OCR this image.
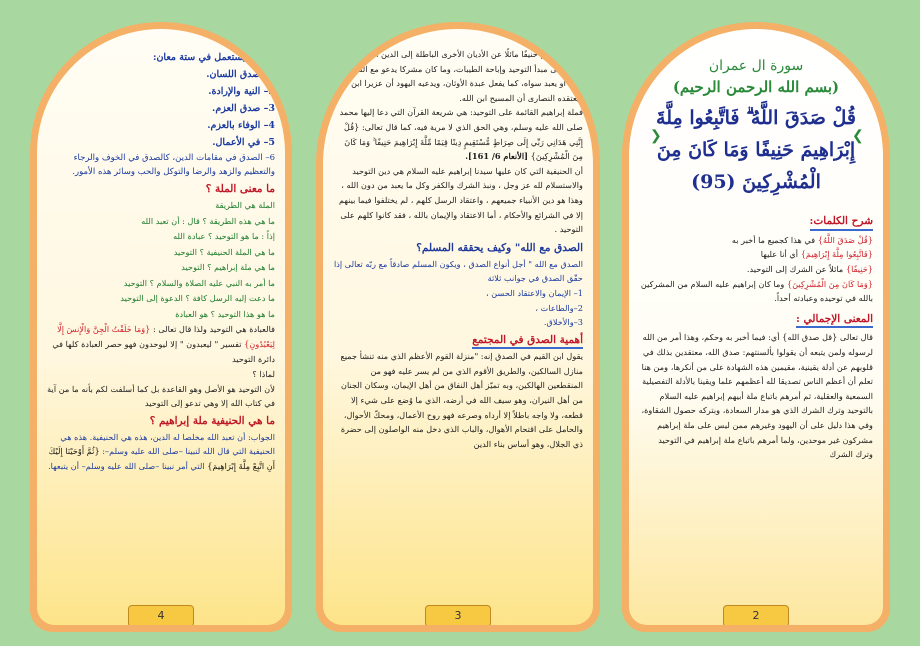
الصدق يستعمل في ستة معان:

1– صدق اللسان.

2– النية والإرادة.

3– صدق العزم.

4– الوفاء بالعزم.

5– في الأعمال.

6– الصدق في مقامات الدين، كالصدق في الخوف والرجاء والتعظيم والزهد والرضا والتوكل والحب وسائر هذه الأمور.

ما معنى الملة ؟

الملة هي الطريقة

ما هي هذه الطريقة ؟ قال : أن تعبد الله

إذاً : ما هو التوحيد ؟ عبادة الله

ما هي الملة الحنيفية ؟ التوحيد

ما هي ملة إبراهيم ؟ التوحيد

ما أمر به النبي عليه الصلاة والسلام ؟ التوحيد

ما دعت إليه الرسل كافة ؟ الدعوة إلى التوحيد

ما هو هذا التوحيد ؟ هو العبادة

فالعبادة هي التوحيد ولذا قال تعالى : {وَمَا خَلَقْتُ الْجِنَّ وَالْإِنسَ إِلَّا لِيَعْبُدُونِ} تفسير " ليعبدون " إلا ليوحدون فهو حصر العبادة كلها في دائرة التوحيد

لماذا ؟

لأن التوحيد هو الأصل وهو القاعدة بل كما أسلفت لكم بأنه ما من آية في كتاب الله إلا وهي تدعو إلى التوحيد

ما هي الحنيفية ملة إبراهيم ؟

الجواب: أن تعبد الله مخلصا له الدين، هذه هي الحنيفية. هذه هي الحنيفية التي قال الله لنبينا –صلى الله عليه وسلم–: {ثُمَّ أَوْحَيْنَا إِلَيْكَ أَنِ اتَّبِعْ مِلَّةَ إِبْرَاهِيمَ} التي أمر نبينا –صلى الله عليه وسلم– أن يتبعها.

4

وكان إبراهيم حنيفًا مائلًا عن الأديان الأخرى الباطلة إلى الدين الحق الذي يقوم على مبدأ التوحيد وإباحة الطيبات، وما كان مشركا يدعو مع الله إلها آخر، أو يعبد سواه، كما يفعل عبدة الأوثان، ويدعيه اليهود أن عزيرا ابن الله، ويعتقده النصارى أن المسيح ابن الله.

فملة إبراهيم القائمة على التوحيد: هي شريعة القرآن التي دعا إليها محمد صلى الله عليه وسلم، وهي الحق الذي لا مرية فيه، كما قال تعالى: {قُلْ إِنَّنِي هَدَانِي رَبِّي إِلَى صِرَاطٍ مُّسْتَقِيمٍ دِينًا قِيَمًا مِّلَّةَ إِبْرَاهِيمَ حَنِيفًا ۚ وَمَا كَانَ مِنَ الْمُشْرِكِينَ} [الأنعام 6/ 161].

أن الحنيفية التي كان عليها سيدنا إبراهيم عليه السلام هي دين التوحيد والاستسلام لله عز وجل ، ونبذ الشرك والكفر وكل ما يعبد من دون الله ، وهذا هو دين الأنبياء جميعهم ، واعتقاد الرسل كلهم ، لم يختلفوا فيما بينهم إلا في الشرائع والأحكام ، أما الاعتقاد والإيمان بالله ، فقد كانوا كلهم على التوحيد .

الصدق مع الله" وكيف يحققه المسلم؟

الصدق مع الله " أجل أنواع الصدق ، ويكون المسلم صادقاً مع ربّه تعالى إذا حقّق الصدق في جوانب ثلاثة

1– الإيمان والاعتقاد الحسن ،

2–والطاعات ،

3–والأخلاق.

أهمية الصدق في المجتمع

يقول ابن القيم في الصدق إنه: "منزلة القوم الأعظم الذي منه تنشأ جميع منازل السالكين، والطريق الأقوم الذي من لم يسر عليه فهو من المنقطعين الهالكين، وبه تميّز أهل النفاق من أهل الإيمان، وسكان الجنان من أهل النيران، وهو سيف الله في أرضه، الذي ما وُضع على شيء إلا قطعه، ولا واجه باطلاً إلا أرداه وصرعه فهو روح الأعمال، ومحكّ الأحوال، والحامل على اقتحام الأهوال، والباب الذي دخل منه الواصلون إلى حضرة ذي الجلال، وهو أساس بناء الدين

3

سورة ال عمران

(بسم الله الرحمن الرحيم)

قُلْ صَدَقَ اللَّهُ ۗ فَاتَّبِعُوا مِلَّةَ

إِبْرَاهِيمَ حَنِيفًا وَمَا كَانَ مِنَ

الْمُشْرِكِينَ (95)

شرح الكلمات:

{قُلْ صَدَقَ اللَّهُ} في هذا كجميع ما أخبر به

{فَاتَّبِعُوا مِلَّةَ إِبْرَاهِيمَ} أي أنا عليها

{حَنِيفًا} مائلاً عن الشرك إلى التوحيد.

{وَمَا كَانَ مِنَ الْمُشْرِكِينَ} وما كان إبراهيم عليه السلام من المشركين بالله في توحيده وعبادته أحداً.

المعنى الإجمالي :

قال تعالى {قل صدق الله} أي: فيما أخبر به وحكم، وهذا أمر من الله لرسوله ولمن يتبعه أن يقولوا بألسنتهم: صدق الله، معتقدين بذلك في قلوبهم عن أدلة يقينية، مقيمين هذه الشهادة على من أنكرها، ومن هنا تعلم أن أعظم الناس تصديقا لله أعظمهم علما ويقينا بالأدلة التفصيلية السمعية والعقلية، ثم أمرهم باتباع ملة أبيهم إبراهيم عليه السلام بالتوحيد وترك الشرك الذي هو مدار السعادة، وبتركه حصول الشقاوة، وفي هذا دليل على أن اليهود وغيرهم ممن ليس على ملة إبراهيم مشركون غير موحدين، ولما أمرهم باتباع ملة إبراهيم في التوحيد وترك الشرك

2
❮
❯
